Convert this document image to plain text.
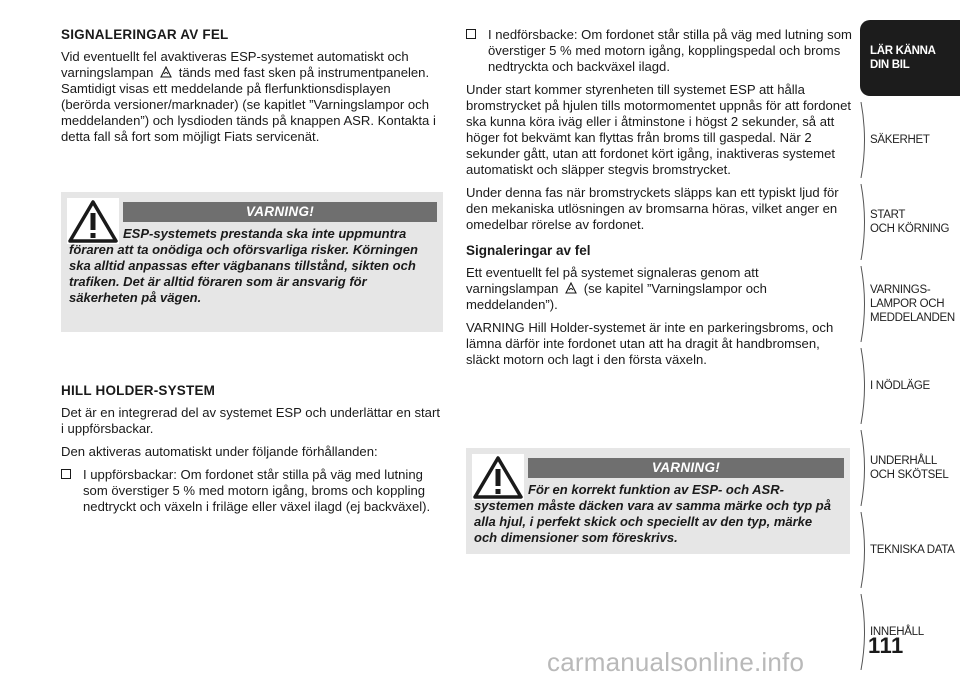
SIGNALERINGAR AV FEL

Vid eventuellt fel avaktiveras ESP-systemet automatiskt och varningslampan tänds med fast sken på instrumentpanelen. Samtidigt visas ett meddelande på flerfunktionsdisplayen (berörda versioner/marknader) (se kapitlet ”Varningslampor och meddelanden”) och lysdioden tänds på knappen ASR. Kontakta i detta fall så fort som möjligt Fiats servicenät.

VARNING!
ESP-systemets prestanda ska inte uppmuntra föraren att ta onödiga och oförsvarliga risker. Körningen ska alltid anpassas efter vägbanans tillstånd, sikten och trafiken. Det är alltid föraren som är ansvarig för säkerheten på vägen.
HILL HOLDER-SYSTEM

Det är en integrerad del av systemet ESP och underlättar en start i uppförsbackar.

Den aktiveras automatiskt under följande förhållanden:

I uppförsbackar: Om fordonet står stilla på väg med lutning som överstiger 5 % med motorn igång, broms och koppling nedtryckt och växeln i friläge eller växel ilagd (ej backväxel).
I nedförsbacke: Om fordonet står stilla på väg med lutning som överstiger 5 % med motorn igång, kopplingspedal och broms nedtryckta och backväxel ilagd.

Under start kommer styrenheten till systemet ESP att hålla bromstrycket på hjulen tills motormomentet uppnås för att fordonet ska kunna köra iväg eller i åtminstone i högst 2 sekunder, så att höger fot bekvämt kan flyttas från broms till gaspedal. När 2 sekunder gått, utan att fordonet kört igång, inaktiveras systemet automatiskt och släpper stegvis bromstrycket.

Under denna fas när bromstryckets släpps kan ett typiskt ljud för den mekaniska utlösningen av bromsarna höras, vilket anger en omedelbar rörelse av fordonet.

Signaleringar av fel

Ett eventuellt fel på systemet signaleras genom att varningslampan (se kapitel ”Varningslampor och meddelanden”).

VARNING Hill Holder-systemet är inte en parkeringsbroms, och lämna därför inte fordonet utan att ha dragit åt handbromsen, släckt motorn och lagt i den första växeln.

VARNING!
För en korrekt funktion av ESP- och ASR-systemen måste däcken vara av samma märke och typ på alla hjul, i perfekt skick och speciellt av den typ, märke och dimensioner som föreskrivs.
LÄR KÄNNA
DIN BIL
SÄKERHET
START
OCH KÖRNING
VARNINGS-
LAMPOR OCH
MEDDELANDEN
I NÖDLÄGE
UNDERHÅLL
OCH SKÖTSEL
TEKNISKA DATA
INNEHÅLL
111
carmanualsonline.info
